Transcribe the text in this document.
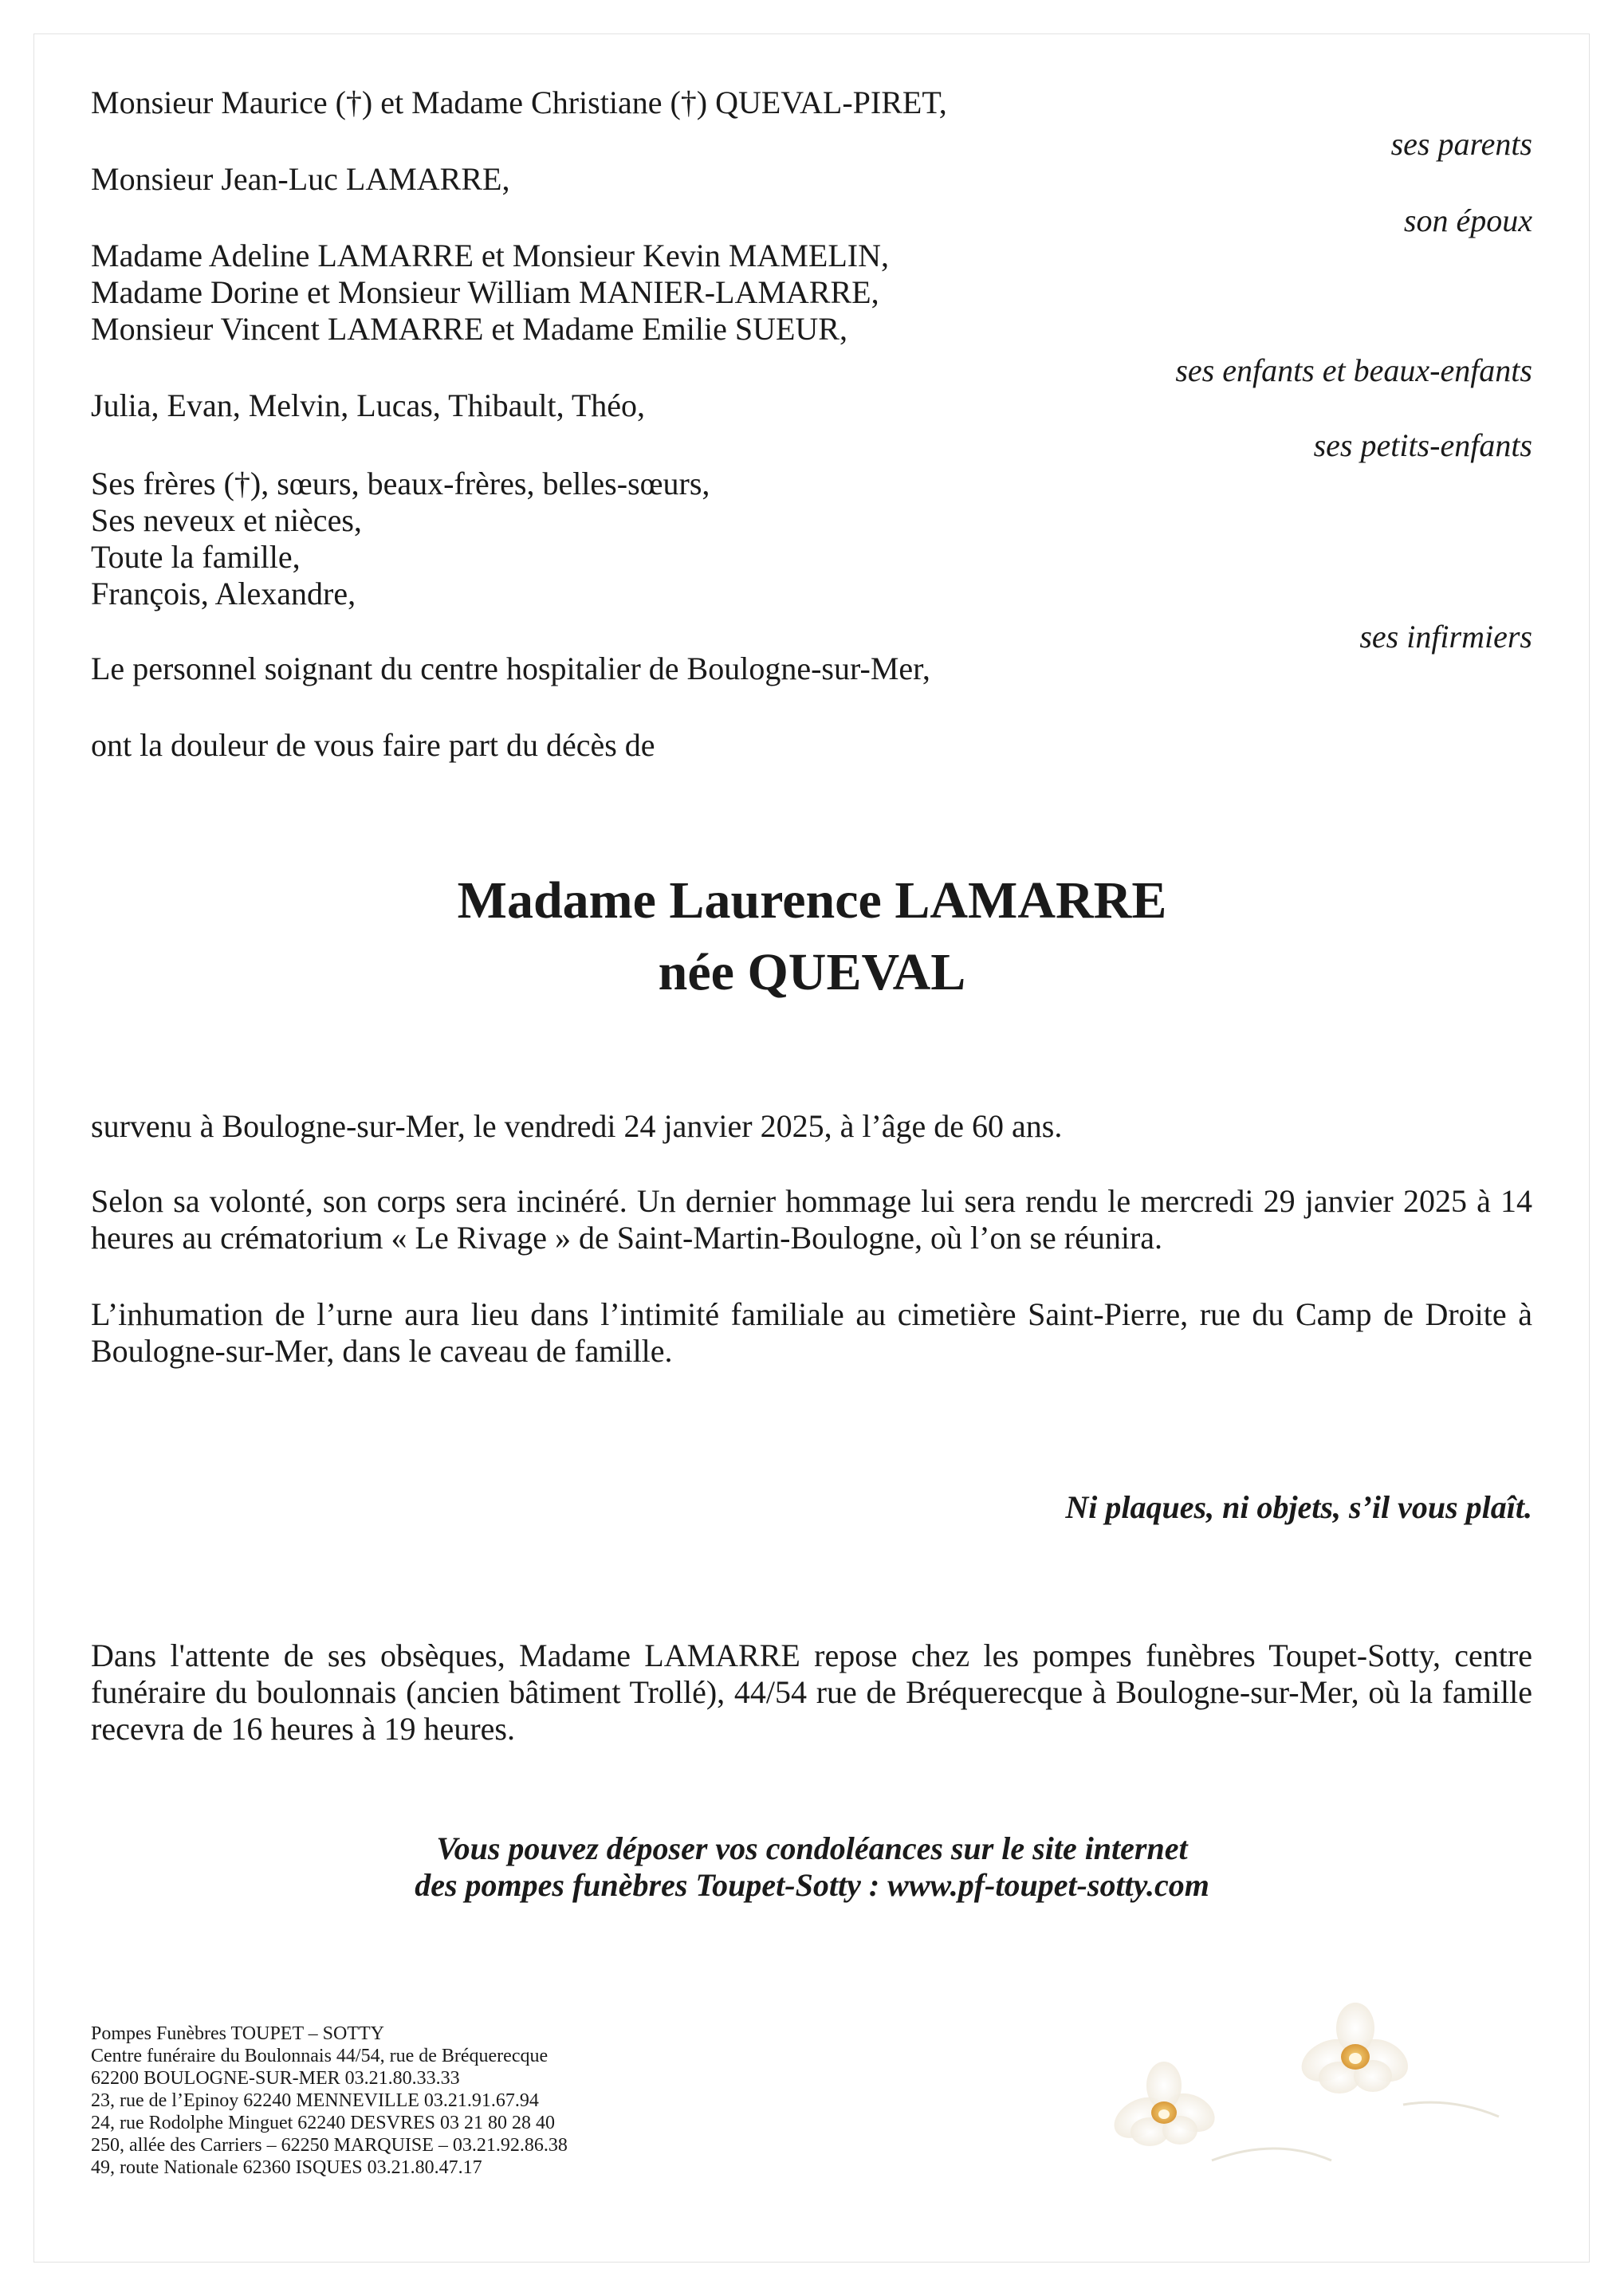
Monsieur Maurice (†) et Madame Christiane (†) QUEVAL-PIRET,
ses parents
Monsieur Jean-Luc LAMARRE,
son époux
Madame Adeline LAMARRE et Monsieur Kevin MAMELIN,
Madame Dorine et Monsieur William MANIER-LAMARRE,
Monsieur Vincent LAMARRE et Madame Emilie SUEUR,
ses enfants et beaux-enfants
Julia, Evan, Melvin, Lucas, Thibault, Théo,
ses petits-enfants
Ses frères (†), sœurs, beaux-frères, belles-sœurs,
Ses neveux et nièces,
Toute la famille,
François, Alexandre,
ses infirmiers
Le personnel soignant du centre hospitalier de Boulogne-sur-Mer,
ont la douleur de vous faire part du décès de
Madame Laurence LAMARRE
née QUEVAL
survenu à Boulogne-sur-Mer, le vendredi 24 janvier 2025, à l’âge de 60 ans.
Selon sa volonté, son corps sera incinéré. Un dernier hommage lui sera rendu le mercredi 29 janvier 2025 à 14 heures au crématorium « Le Rivage » de Saint-Martin-Boulogne, où l’on se réunira.
L’inhumation de l’urne aura lieu dans l’intimité familiale au cimetière Saint-Pierre, rue du Camp de Droite à Boulogne-sur-Mer, dans le caveau de famille.
Ni plaques, ni objets, s’il vous plaît.
Dans l'attente de ses obsèques, Madame LAMARRE repose chez les pompes funèbres Toupet-Sotty, centre funéraire du boulonnais (ancien bâtiment Trollé), 44/54 rue de Bréquerecque à Boulogne-sur-Mer, où la famille recevra de 16 heures à 19 heures.
Vous pouvez déposer vos condoléances sur le site internet
des pompes funèbres Toupet-Sotty : www.pf-toupet-sotty.com
Pompes Funèbres TOUPET – SOTTY
Centre funéraire du Boulonnais 44/54, rue de Bréquerecque
62200 BOULOGNE-SUR-MER 03.21.80.33.33
23, rue de l’Epinoy 62240 MENNEVILLE 03.21.91.67.94
24, rue Rodolphe Minguet 62240 DESVRES 03 21 80 28 40
250, allée des Carriers – 62250 MARQUISE – 03.21.92.86.38
49, route Nationale 62360 ISQUES 03.21.80.47.17
